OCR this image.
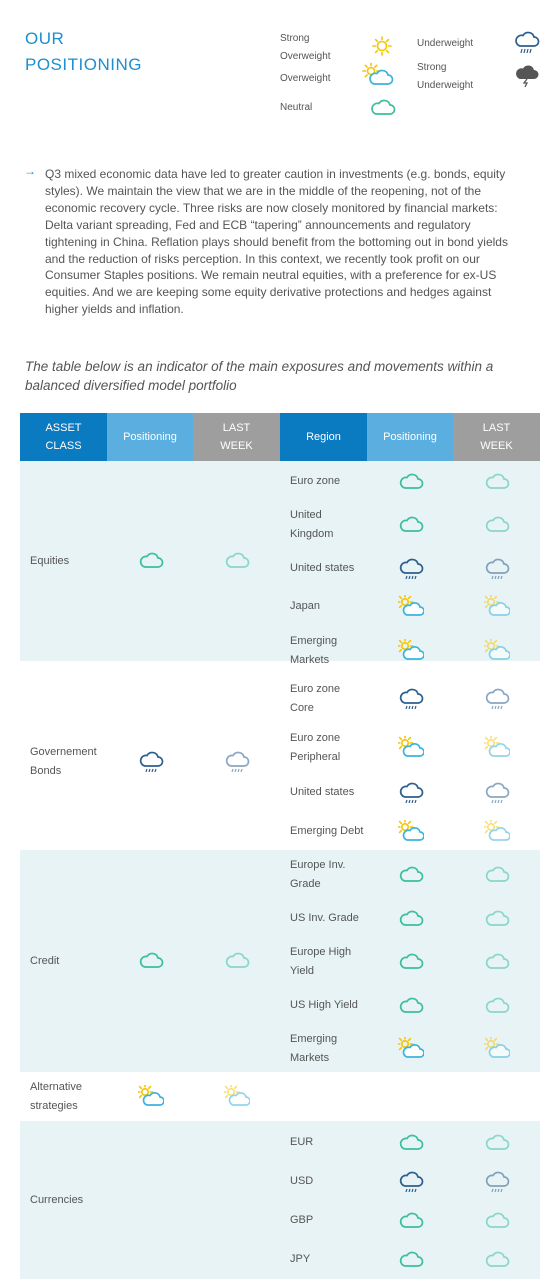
OUR
POSITIONING
Strong
Overweight
Overweight
Neutral
Underweight
Strong
Underweight
→ Q3 mixed economic data have led to greater caution in investments (e.g. bonds, equity styles). We maintain the view that we are in the middle of the reopening, not of the economic recovery cycle. Three risks are now closely monitored by financial markets: Delta variant spreading, Fed and ECB “tapering” announcements and regulatory tightening in China. Reflation plays should benefit from the bottoming out in bond yields and the reduction of risks perception. In this context, we recently took profit on our Consumer Staples positions. We remain neutral equities, with a preference for ex-US equities. And we are keeping some equity derivative protections and hedges against higher yields and inflation.
The table below is an indicator of the main exposures and movements within a balanced diversified model portfolio
ASSET
CLASS
Positioning
LAST
WEEK
Region	Positioning
LAST
WEEK
Equities
Euro zone
United
Kingdom
United states
Japan
Emerging
Markets
Governement
Bonds
Euro zone
Core
Euro zone
Peripheral
United states
Emerging Debt
Credit
Europe Inv.
Grade
US Inv. Grade
Europe High
Yield
US High Yield
Emerging
Markets
Alternative
strategies
Currencies
EUR
USD
GBP
JPY
